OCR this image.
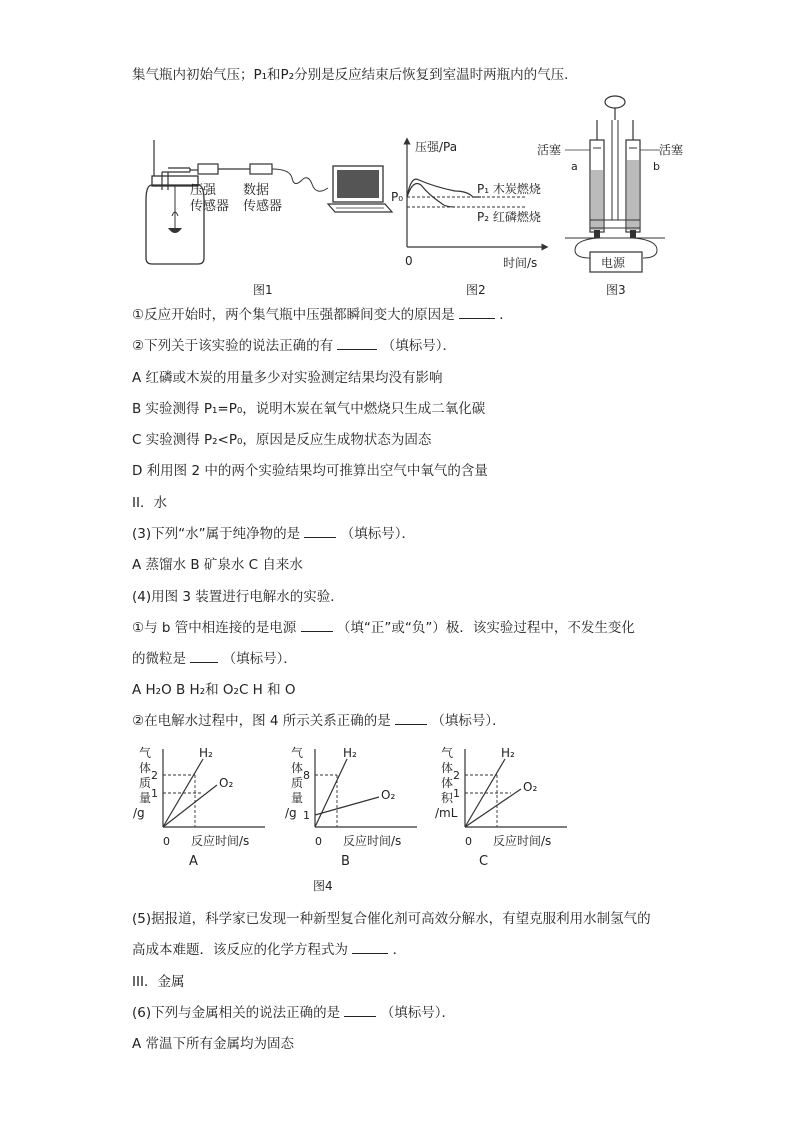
集气瓶内初始气压；P₁和P₂分别是反应结束后恢复到室温时两瓶内的气压．
压强
传感器
数据
传感器
图1
压强/Pa
P₀
P₁ 木炭燃烧
P₂ 红磷燃烧
0	时间/s
图2
活塞	活塞
a	b
电源
图3
①反应开始时，两个集气瓶中压强都瞬间变大的原因是	．
②下列关于该实验的说法正确的有	（填标号）．
A 红磷或木炭的用量多少对实验测定结果均没有影响
B 实验测得 P₁=P₀，说明木炭在氧气中燃烧只生成二氧化碳
C 实验测得 P₂<P₀，原因是反应生成物状态为固态
D 利用图 2 中的两个实验结果均可推算出空气中氧气的含量
II．水
(3)下列“水”属于纯净物的是	（填标号）．
A 蒸馏水 B 矿泉水 C 自来水
(4)用图 3 装置进行电解水的实验．
①与 b 管中相连接的是电源	（填“正”或“负”）极．该实验过程中，不发生变化
的微粒是	（填标号）．
A H₂O B H₂和 O₂C H 和 O
②在电解水过程中，图 4 所示关系正确的是	（填标号）．
H₂
O₂
气
体
质
量
/g
2
1
0 反应时间/s
A
H₂
O₂
气
体
质
量
/g
8
1
0 反应时间/s
B
H₂
O₂
气
体
体
积
/mL
2
1
0 反应时间/s
C
图4
(5)据报道，科学家已发现一种新型复合催化剂可高效分解水，有望克服利用水制氢气的
高成本难题．该反应的化学方程式为	．
III．金属
(6)下列与金属相关的说法正确的是	（填标号）．
A 常温下所有金属均为固态
